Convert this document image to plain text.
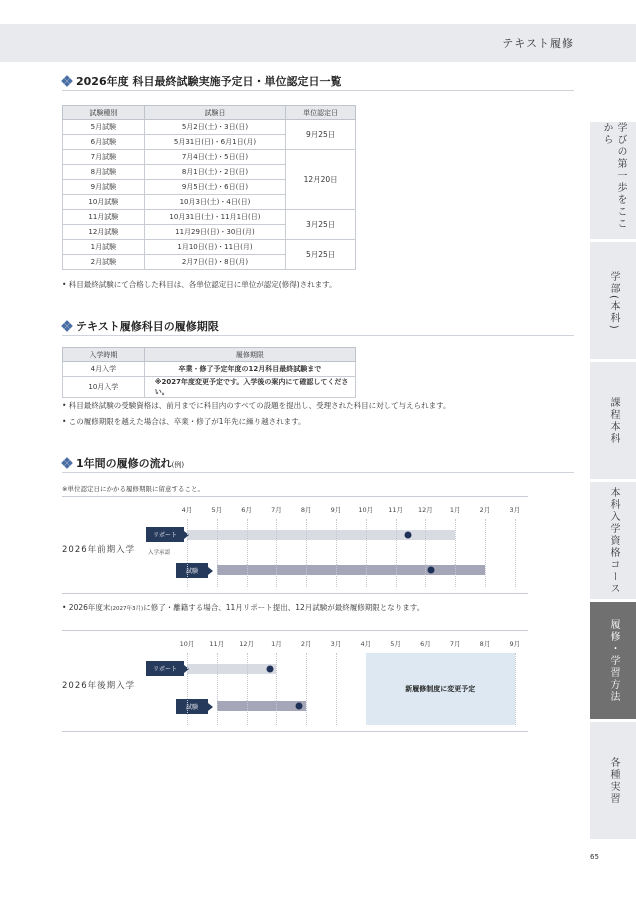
テキスト履修
2026年度 科目最終試験実施予定日・単位認定日一覧
試験種別	試験日	単位認定日
5月試験	5月2日(土)・3日(日)	9月25日
6月試験	5月31日(日)・6月1日(月)	
7月試験	7月4日(土)・5日(日)	12月20日
8月試験	8月1日(土)・2日(日)	
9月試験	9月5日(土)・6日(日)	
10月試験	10月3日(土)・4日(日)	
11月試験	10月31日(土)・11月1日(日)	3月25日
12月試験	11月29日(日)・30日(月)	
1月試験	1月10日(日)・11日(月)	5月25日
2月試験	2月7日(日)・8日(月)	
• 科目最終試験にて合格した科目は、各単位認定日に単位が認定(修得)されます。
テキスト履修科目の履修期限
入学時期	履修期限
4月入学	卒業・修了予定年度の12月科目最終試験まで
10月入学	※2027年度変更予定です。入学後の案内にて確認してください。
• 科目最終試験の受験資格は、前月までに科目内のすべての設題を提出し、受理された科目に対して与えられます。
• この履修期限を越えた場合は、卒業・修了が1年先に繰り越されます。
1年間の履修の流れ(例)
※単位認定日にかかる履修期限に留意すること。
2026年前期入学 入学承認
リポート
試験
4月	5月	6月	7月	8月	9月	10月 11月 12月	1月	2月	3月
• 2026年度末(2027年3月)に修了・離籍する場合、11月リポート提出、12月試験が最終履修期限となります。
2026年後期入学
リポート
試験
10月 11月 12月	1月	2月	3月	4月	5月	6月	7月	8月	9月
新履修制度に変更予定
学びの第一歩をここから
学部(本科)
課程本科
本科入学資格コース
履修・学習方法
各種実習
65
